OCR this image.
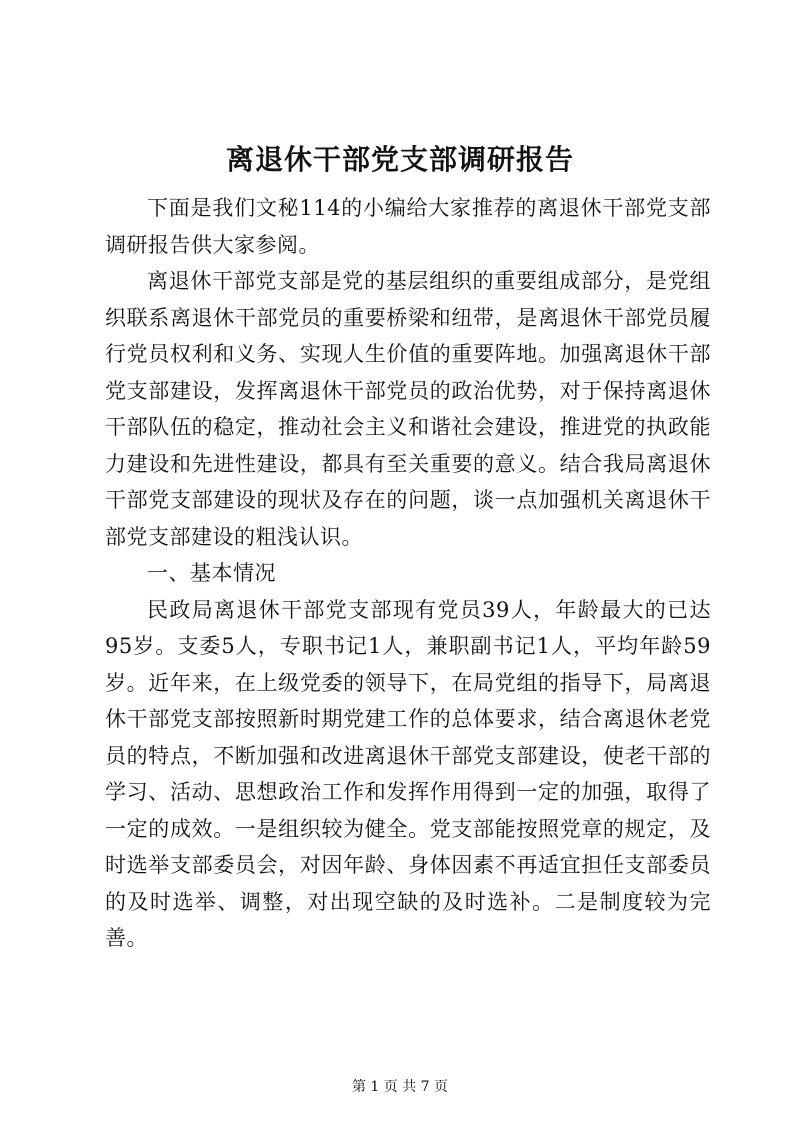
离退休干部党支部调研报告

下面是我们文秘114的小编给大家推荐的离退休干部党支部调研报告供大家参阅。

离退休干部党支部是党的基层组织的重要组成部分，是党组织联系离退休干部党员的重要桥梁和纽带，是离退休干部党员履行党员权利和义务、实现人生价值的重要阵地。加强离退休干部党支部建设，发挥离退休干部党员的政治优势，对于保持离退休干部队伍的稳定，推动社会主义和谐社会建设，推进党的执政能力建设和先进性建设，都具有至关重要的意义。结合我局离退休干部党支部建设的现状及存在的问题，谈一点加强机关离退休干部党支部建设的粗浅认识。

一、基本情况

民政局离退休干部党支部现有党员39人，年龄最大的已达95岁。支委5人，专职书记1人，兼职副书记1人，平均年龄59岁。近年来，在上级党委的领导下，在局党组的指导下，局离退休干部党支部按照新时期党建工作的总体要求，结合离退休老党员的特点，不断加强和改进离退休干部党支部建设，使老干部的学习、活动、思想政治工作和发挥作用得到一定的加强，取得了一定的成效。一是组织较为健全。党支部能按照党章的规定，及时选举支部委员会，对因年龄、身体因素不再适宜担任支部委员的及时选举、调整，对出现空缺的及时选补。二是制度较为完善。

第 1 页 共 7 页
